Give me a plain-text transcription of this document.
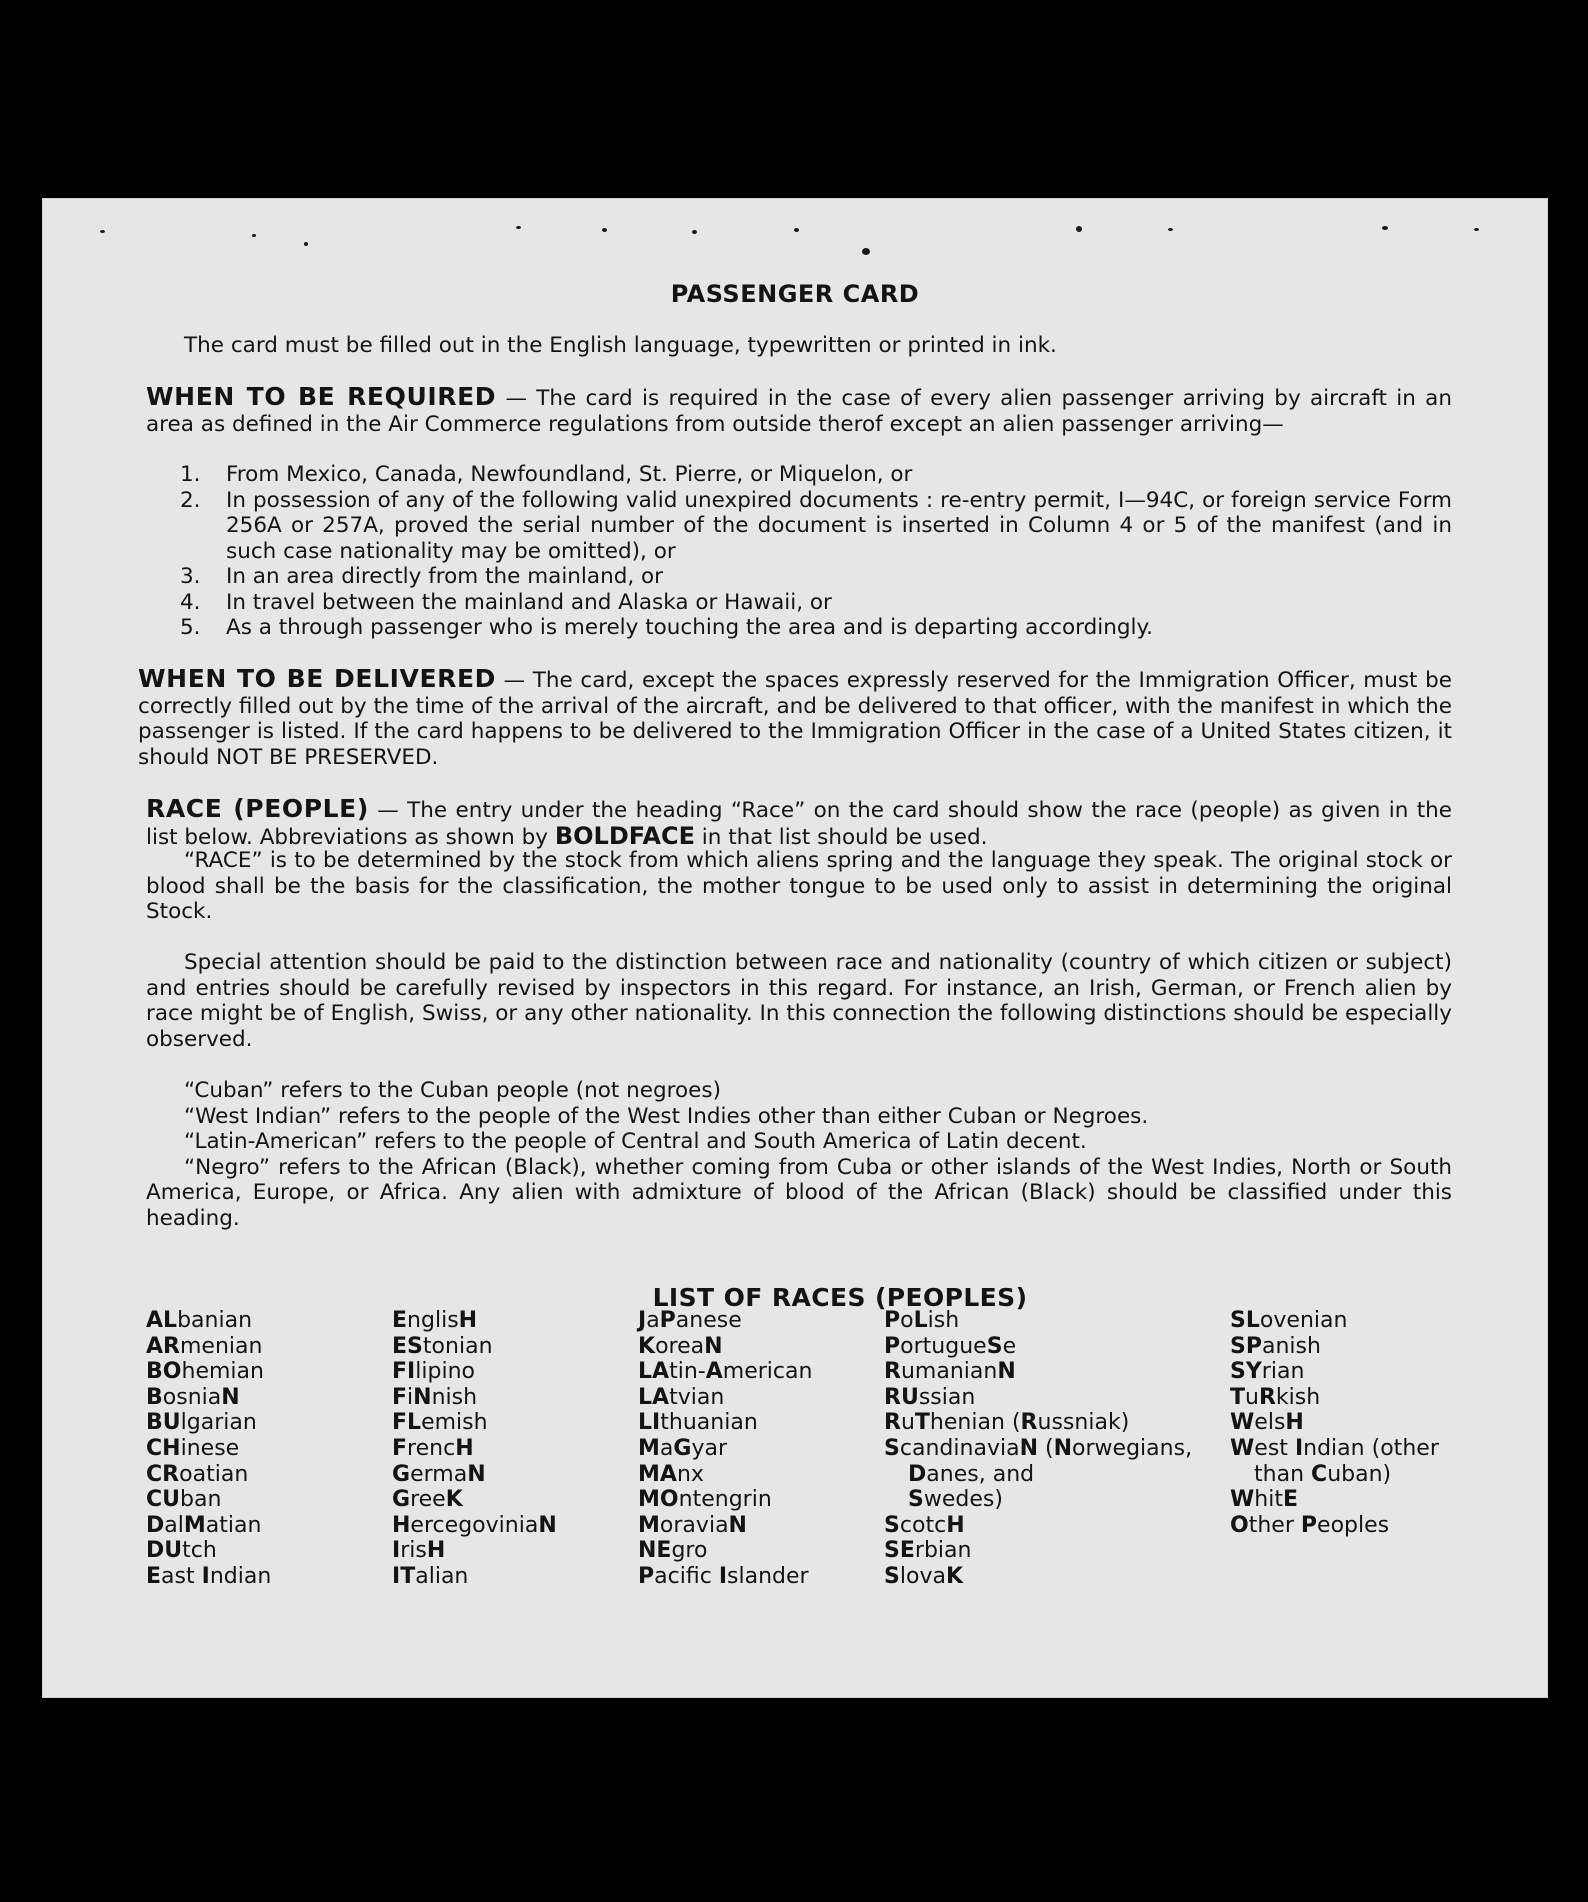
PASSENGER CARD
The card must be filled out in the English language, typewritten or printed in ink.
WHEN TO BE REQUIRED — The card is required in the case of every alien passenger arriving by aircraft in an area as defined in the Air Commerce regulations from outside therof except an alien passenger arriving—
1.	From Mexico, Canada, Newfoundland, St. Pierre, or Miquelon, or
2.	In possession of any of the following valid unexpired documents : re-entry permit, I—94C, or foreign service Form 256A or 257A, proved the serial number of the document is inserted in Column 4 or 5 of the manifest (and in such case nationality may be omitted), or
3.	In an area directly from the mainland, or
4.	In travel between the mainland and Alaska or Hawaii, or
5.	As a through passenger who is merely touching the area and is departing accordingly.
WHEN TO BE DELIVERED — The card, except the spaces expressly reserved for the Immigration Officer, must be correctly filled out by the time of the arrival of the aircraft, and be delivered to that officer, with the manifest in which the passenger is listed. If the card happens to be delivered to the Immigration Officer in the case of a United States citizen, it should NOT BE PRESERVED.
RACE (PEOPLE) — The entry under the heading “Race” on the card should show the race (people) as given in the list below. Abbreviations as shown by BOLDFACE in that list should be used.
“RACE” is to be determined by the stock from which aliens spring and the language they speak. The original stock or blood shall be the basis for the classification, the mother tongue to be used only to assist in determining the original Stock.
Special attention should be paid to the distinction between race and nationality (country of which citizen or subject) and entries should be carefully revised by inspectors in this regard. For instance, an Irish, German, or French alien by race might be of English, Swiss, or any other nationality. In this connection the following distinctions should be especially observed.
“Cuban” refers to the Cuban people (not negroes)
“West Indian” refers to the people of the West Indies other than either Cuban or Negroes.
“Latin-American” refers to the people of Central and South America of Latin decent.
“Negro” refers to the African (Black), whether coming from Cuba or other islands of the West Indies, North or South America, Europe, or Africa. Any alien with admixture of blood of the African (Black) should be classified under this heading.
LIST OF RACES (PEOPLES)
ALbanian
ARmenian
BOhemian
BosniaN
BUlgarian
CHinese
CRoatian
CUban
DalMatian
DUtch
East Indian
EnglisH
EStonian
FIlipino
FiNnish
FLemish
FrencH
GermaN
GreeK
HercegoviniaN
IrisH
ITalian
JaPanese
KoreaN
LAtin-American
LAtvian
LIthuanian
MaGyar
MAnx
MOntengrin
MoraviaN
NEgro
Pacifc Islander
PoLish
PortugueSe
RumanianN
RUssian
RuThenian (Russniak)
ScandinaviaN (Norwegians,
Danes, and
Swedes)
ScotcH
SErbian
SlovaK
SLovenian
SPanish
SYrian
TuRkish
WelsH
West Indian (other
than Cuban)
WhitE
Other Peoples
